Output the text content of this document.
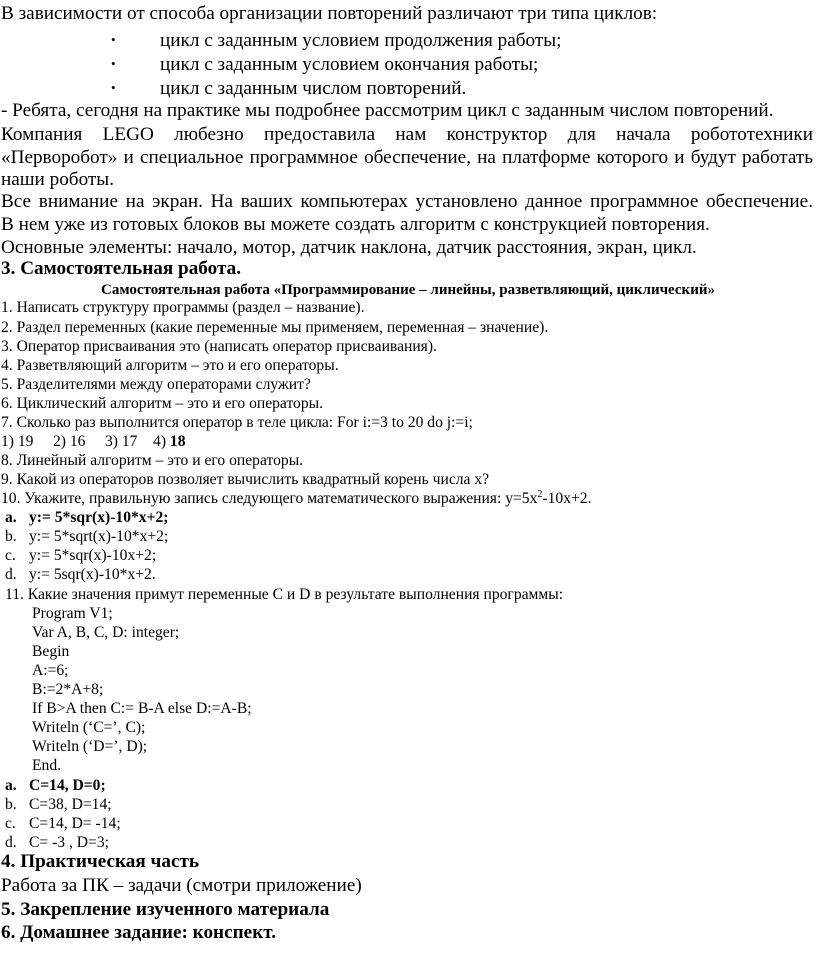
В зависимости от способа организации повторений различают три типа циклов:
• цикл с заданным условием продолжения работы;
• цикл с заданным условием окончания работы;
• цикл с заданным числом повторений.
- Ребята, сегодня на практике мы подробнее рассмотрим цикл с заданным числом повторений.
Компания LEGO любезно предоставила нам конструктор для начала робототехники
«Перворобот» и специальное программное обеспечение, на платформе которого и будут работать
наши роботы.
Все внимание на экран. На ваших компьютерах установлено данное программное обеспечение.
В нем уже из готовых блоков вы можете создать алгоритм с конструкцией повторения.
Основные элементы: начало, мотор, датчик наклона, датчик расстояния, экран, цикл.
3. Самостоятельная работа.
Самостоятельная работа «Программирование – линейны, разветвляющий, циклический»
1. Написать структуру программы (раздел – название).
2. Раздел переменных (какие переменные мы применяем, переменная – значение).
3. Оператор присваивания это (написать оператор присваивания).
4. Разветвляющий алгоритм – это и его операторы.
5. Разделителями между операторами служит?
6. Циклический алгоритм – это и его операторы.
7. Сколько раз выполнится оператор в теле цикла: For i:=3 to 20 do j:=i;
1) 19     2) 16     3) 17    4) 18
8. Линейный алгоритм – это и его операторы.
9. Какой из операторов позволяет вычислить квадратный корень числа x?
10. Укажите, правильную запись следующего математического выражения: $y=5x^2-10x+2$.
a. y:= 5*sqr(x)-10*x+2;
b. y:= 5*sqrt(x)-10*x+2;
c. y:= 5*sqr(x)-10x+2;
d. y:= 5sqr(x)-10*x+2.
11. Какие значения примут переменные C и D в результате выполнения программы:
Program V1;
Var A, B, C, D: integer;
Begin
A:=6;
B:=2*A+8;
If B>A then C:= B-A else D:=A-B;
Writeln (‘C=’, C);
Writeln (‘D=’, D);
End.
a. C=14, D=0;
b. C=38, D=14;
c. C=14, D= -14;
d. C= -3 , D=3;
4. Практическая часть
Работа за ПК – задачи (смотри приложение)
5. Закрепление изученного материала
6. Домашнее задание: конспект.
